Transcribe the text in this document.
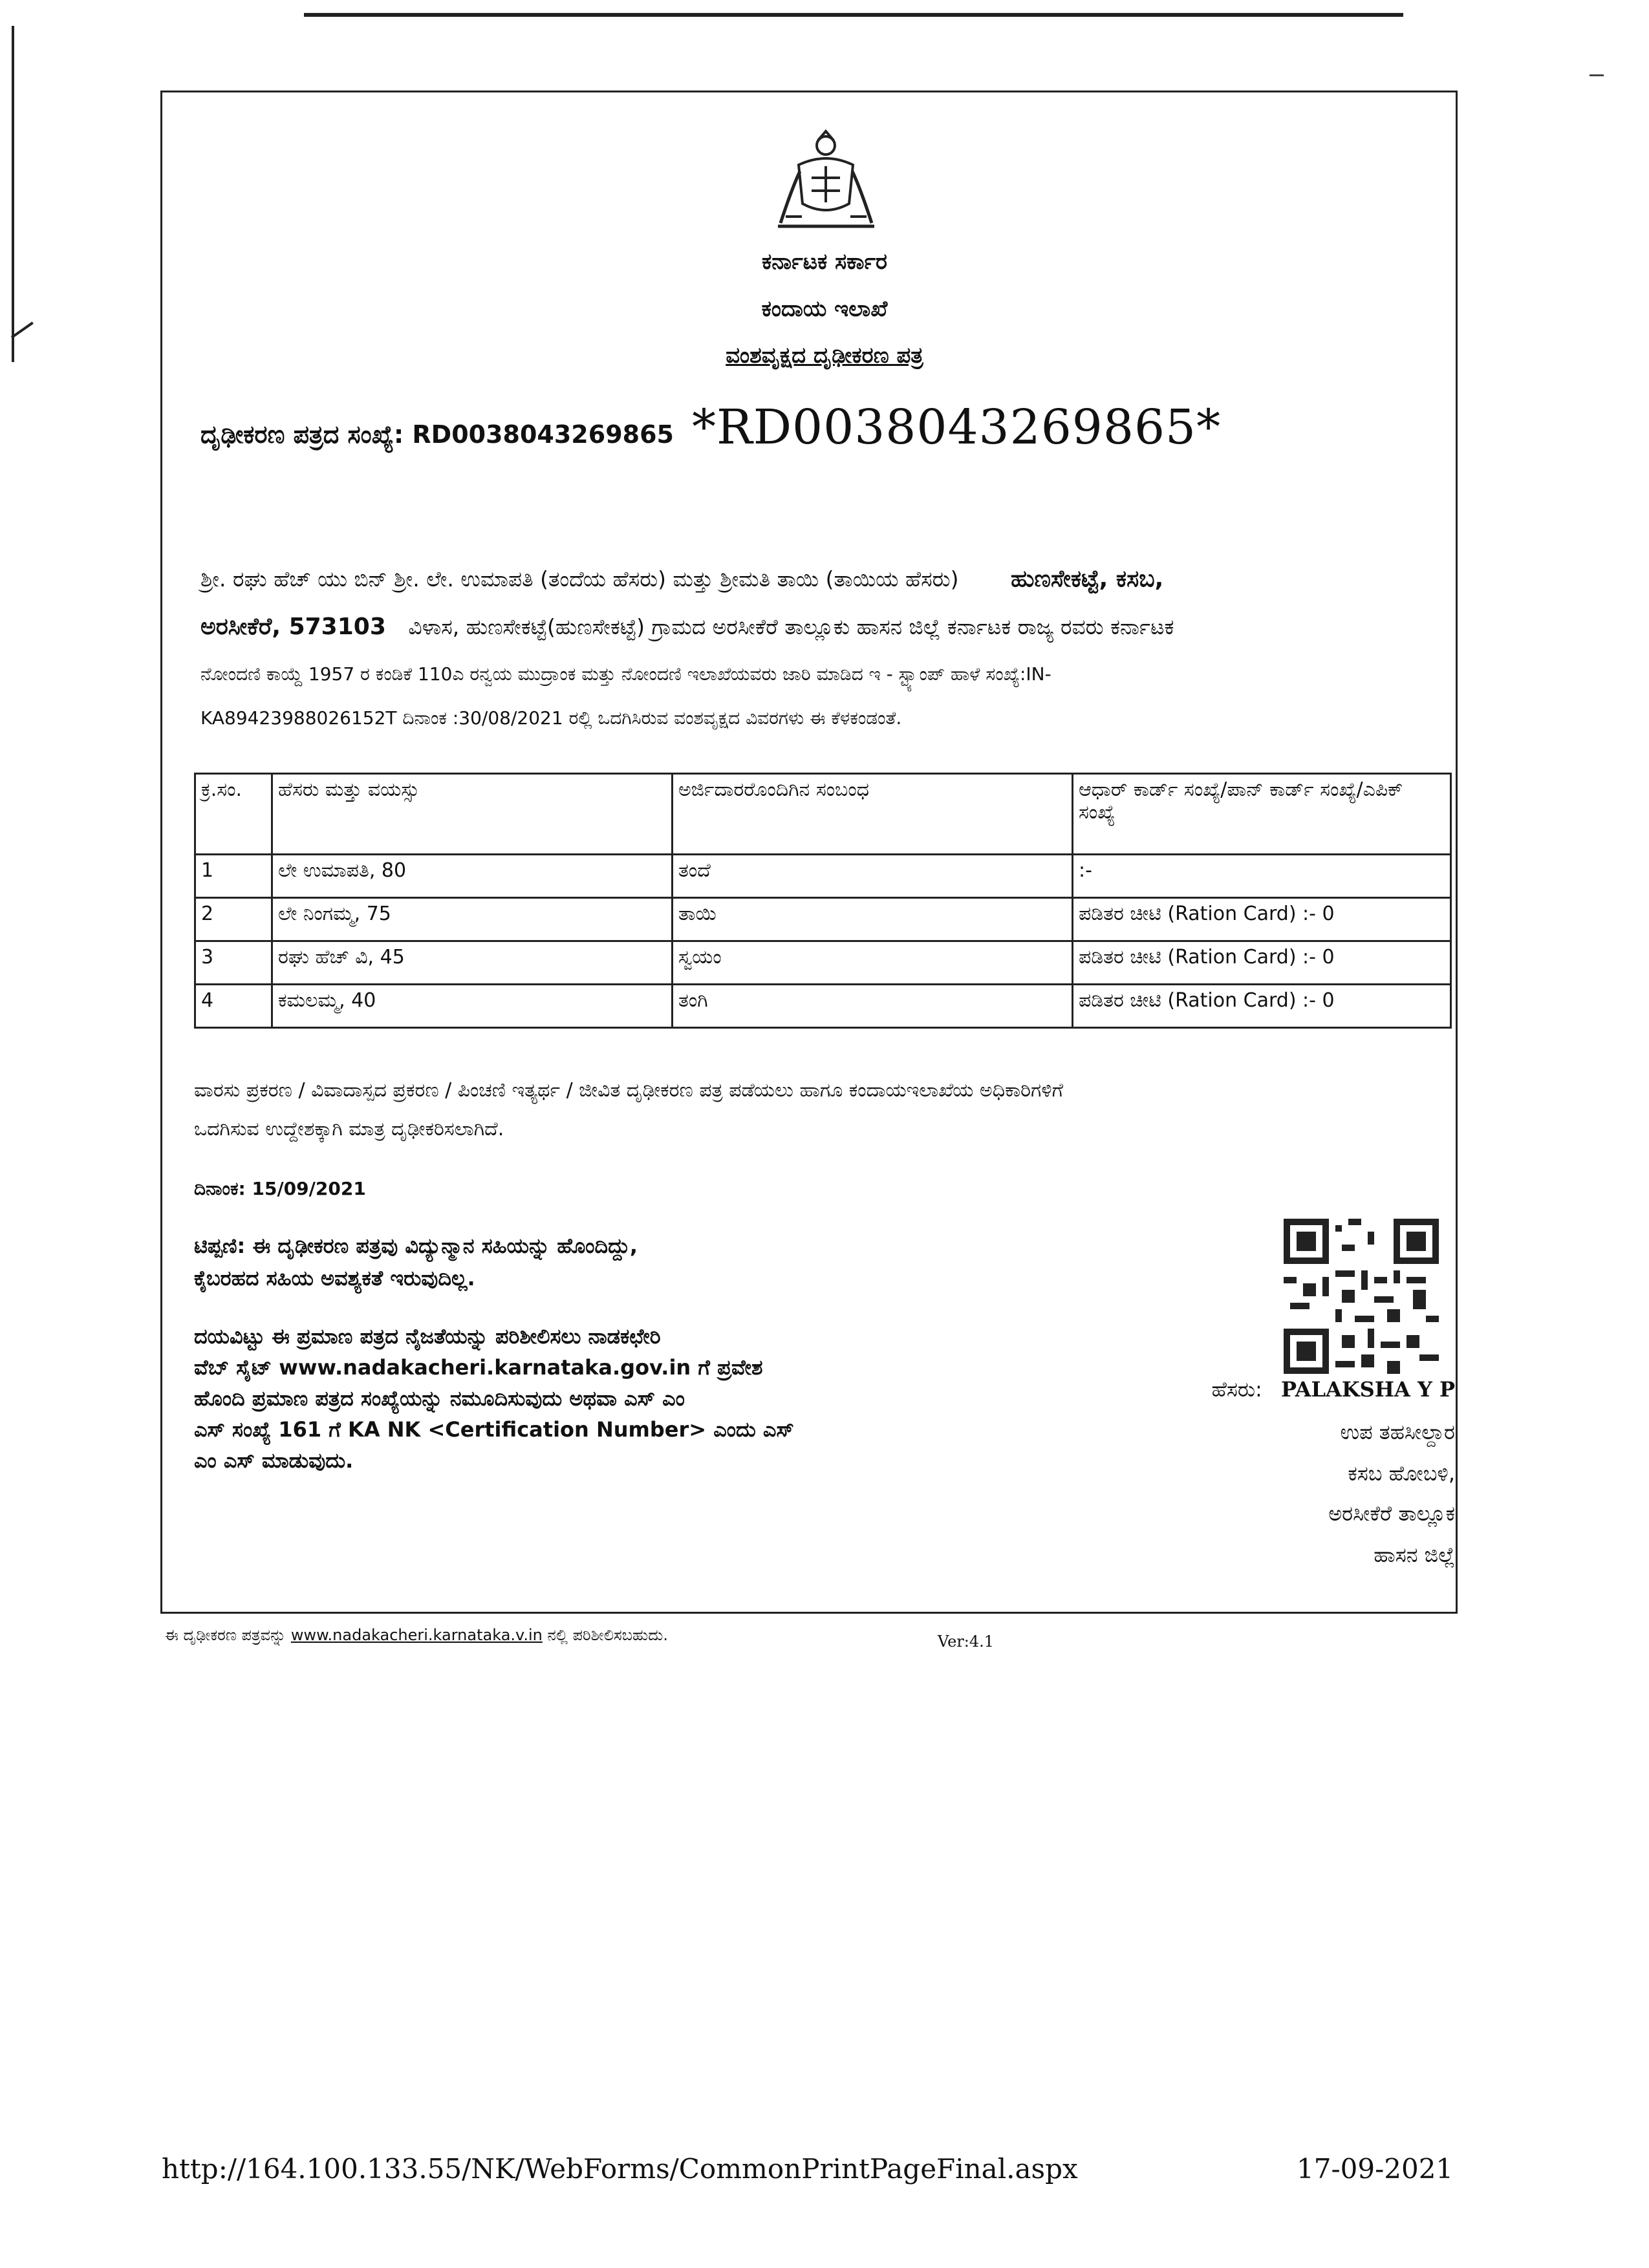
ಕರ್ನಾಟಕ ಸರ್ಕಾರ
ಕಂದಾಯ ಇಲಾಖೆ
ವಂಶವೃಕ್ಷದ ದೃಢೀಕರಣ ಪತ್ರ
ದೃಢೀಕರಣ ಪತ್ರದ ಸಂಖ್ಯೆ: RD0038043269865 *RD0038043269865*
ಶ್ರೀ. ರಘು ಹೆಚ್ ಯು ಬಿನ್ ಶ್ರೀ. ಲೇ. ಉಮಾಪತಿ (ತಂದೆಯ ಹೆಸರು) ಮತ್ತು ಶ್ರೀಮತಿ ತಾಯಿ (ತಾಯಿಯ ಹೆಸರು) ಹುಣಸೇಕಟ್ಟೆ, ಕಸಬ,
ಅರಸೀಕೆರೆ, 573103 ವಿಳಾಸ, ಹುಣಸೇಕಟ್ಟೆ(ಹುಣಸೇಕಟ್ಟೆ) ಗ್ರಾಮದ ಅರಸೀಕೆರೆ ತಾಲ್ಲೂಕು ಹಾಸನ ಜಿಲ್ಲೆ ಕರ್ನಾಟಕ ರಾಜ್ಯ ರವರು ಕರ್ನಾಟಕ
ನೋಂದಣಿ ಕಾಯ್ದೆ 1957 ರ ಕಂಡಿಕೆ 110ಎ ರನ್ವಯ ಮುದ್ರಾಂಕ ಮತ್ತು ನೋಂದಣಿ ಇಲಾಖೆಯವರು ಜಾರಿ ಮಾಡಿದ ಇ - ಸ್ಟ್ಯಾಂಪ್ ಹಾಳೆ ಸಂಖ್ಯೆ:IN-
KA89423988026152T ದಿನಾಂಕ :30/08/2021 ರಲ್ಲಿ ಒದಗಿಸಿರುವ ವಂಶವೃಕ್ಷದ ವಿವರಗಳು ಈ ಕೆಳಕಂಡಂತೆ.
ಕ್ರ.ಸಂ.	ಹೆಸರು ಮತ್ತು ವಯಸ್ಸು	ಅರ್ಜಿದಾರರೊಂದಿಗಿನ ಸಂಬಂಧ	ಆಧಾರ್ ಕಾರ್ಡ್ ಸಂಖ್ಯೆ/ಪಾನ್ ಕಾರ್ಡ್ ಸಂಖ್ಯೆ/ಎಪಿಕ್ ಸಂಖ್ಯೆ
1	ಲೇ ಉಮಾಪತಿ, 80	ತಂದೆ	:-
2	ಲೇ ನಿಂಗಮ್ಮ, 75	ತಾಯಿ	ಪಡಿತರ ಚೀಟಿ (Ration Card) :- 0
3	ರಘು ಹೆಚ್ ವಿ, 45	ಸ್ವಯಂ	ಪಡಿತರ ಚೀಟಿ (Ration Card) :- 0
4	ಕಮಲಮ್ಮ, 40	ತಂಗಿ	ಪಡಿತರ ಚೀಟಿ (Ration Card) :- 0
ವಾರಸು ಪ್ರಕರಣ / ವಿವಾದಾಸ್ಪದ ಪ್ರಕರಣ / ಪಿಂಚಣಿ ಇತ್ಯರ್ಥ / ಜೀವಿತ ದೃಢೀಕರಣ ಪತ್ರ ಪಡೆಯಲು ಹಾಗೂ ಕಂದಾಯಇಲಾಖೆಯ ಅಧಿಕಾರಿಗಳಿಗೆ
ಒದಗಿಸುವ ಉದ್ದೇಶಕ್ಕಾಗಿ ಮಾತ್ರ ದೃಢೀಕರಿಸಲಾಗಿದೆ.
ದಿನಾಂಕ: 15/09/2021
ಟಿಪ್ಪಣಿ: ಈ ದೃಢೀಕರಣ ಪತ್ರವು ವಿದ್ಯುನ್ಮಾನ ಸಹಿಯನ್ನು ಹೊಂದಿದ್ದು,
ಕೈಬರಹದ ಸಹಿಯ ಅವಶ್ಯಕತೆ ಇರುವುದಿಲ್ಲ.
ದಯವಿಟ್ಟು ಈ ಪ್ರಮಾಣ ಪತ್ರದ ನೈಜತೆಯನ್ನು ಪರಿಶೀಲಿಸಲು ನಾಡಕಛೇರಿ
ವೆಬ್ ಸೈಟ್ www.nadakacheri.karnataka.gov.in ಗೆ ಪ್ರವೇಶ
ಹೊಂದಿ ಪ್ರಮಾಣ ಪತ್ರದ ಸಂಖ್ಯೆಯನ್ನು ನಮೂದಿಸುವುದು ಅಥವಾ ಎಸ್ ಎಂ
ಎಸ್ ಸಂಖ್ಯೆ 161 ಗೆ KA NK <Certification Number> ಎಂದು ಎಸ್
ಎಂ ಎಸ್ ಮಾಡುವುದು.
ಹೆಸರು: PALAKSHA Y P
ಉಪ ತಹಸೀಲ್ದಾರ
ಕಸಬ ಹೋಬಳಿ,
ಅರಸೀಕೆರೆ ತಾಲ್ಲೂಕ
ಹಾಸನ ಜಿಲ್ಲೆ
ಈ ದೃಢೀಕರಣ ಪತ್ರವನ್ನು www.nadakacheri.karnataka.v.in ನಲ್ಲಿ ಪರಿಶೀಲಿಸಬಹುದು.	Ver:4.1
http://164.100.133.55/NK/WebForms/CommonPrintPageFinal.aspx	17-09-2021
